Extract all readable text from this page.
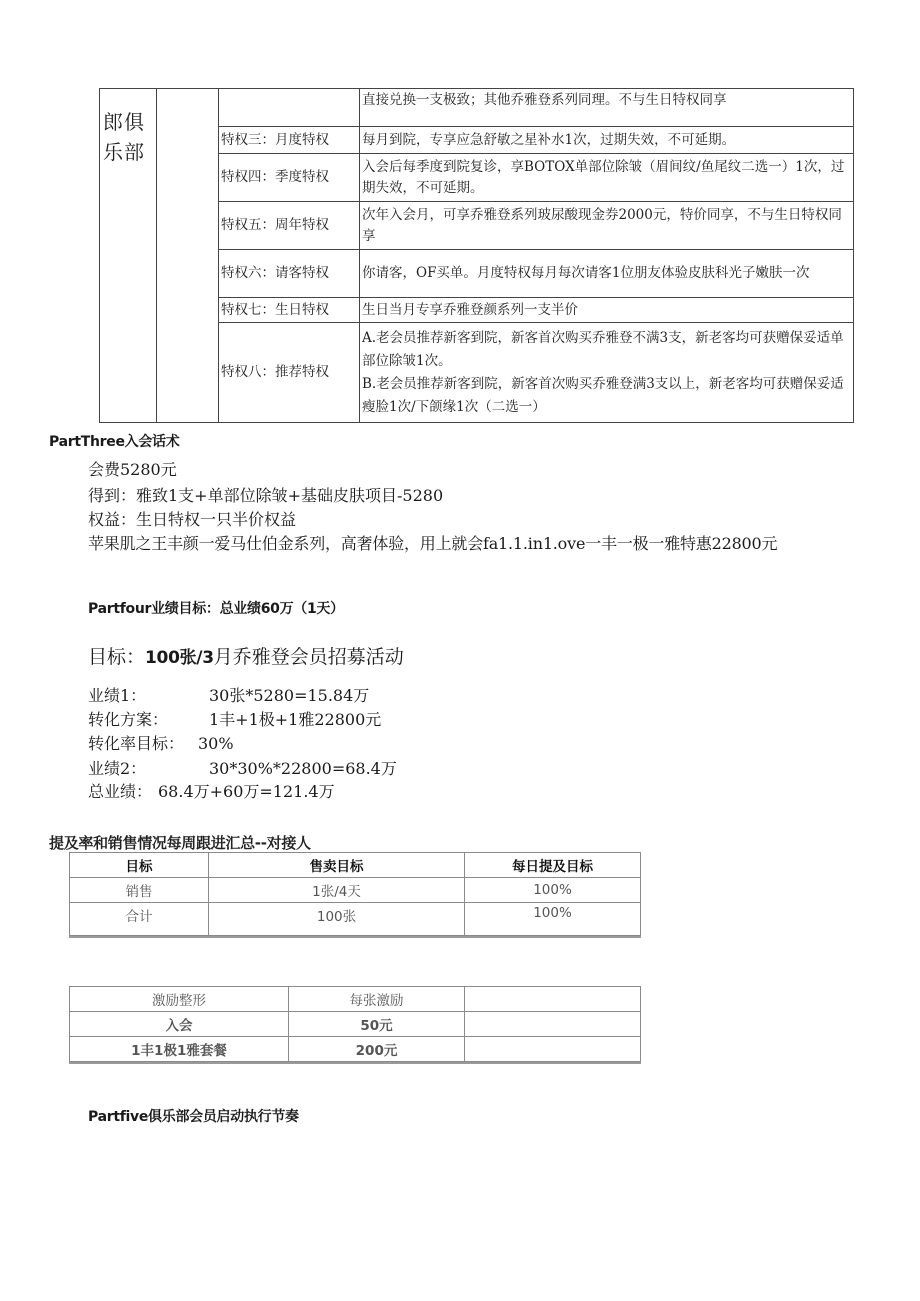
郎俱
乐部			直接兑换一支极致；其他乔雅登系列同理。不与生日特权同享
		特权三：月度特权	每月到院，专享应急舒敏之星补水1次，过期失效，不可延期。
		特权四：季度特权	入会后每季度到院复诊，享BOTOX单部位除皱（眉间纹/鱼尾纹二选一）1次，过期失效，不可延期。
		特权五：周年特权	次年入会月，可享乔雅登系列玻尿酸现金券2000元，特价同享，不与生日特权同享
		特权六：请客特权	你请客，OF买单。月度特权每月每次请客1位朋友体验皮肤科光子嫩肤一次
		特权七：生日特权	生日当月专享乔雅登颜系列一支半价
		特权八：推荐特权	A.老会员推荐新客到院，新客首次购买乔雅登不满3支，新老客均可获赠保妥适单部位除皱1次。
B.老会员推荐新客到院，新客首次购买乔雅登满3支以上，新老客均可获赠保妥适瘦脸1次/下颌缘1次（二选一）
PartThree入会话术
会费5280元
得到：雅致1支+单部位除皱+基础皮肤项目-5280
权益：生日特权一只半价权益
苹果肌之王丰颜一爱马仕伯金系列，高奢体验，用上就会fa1.1.in1.ove一丰一极一雅特惠22800元
Partfour业绩目标：总业绩60万（1天）
目标：100张/3月乔雅登会员招募活动
业绩1：	30张*5280=15.84万
转化方案：	1丰+1极+1雅22800元
转化率目标： 30%
业绩2：	30*30%*22800=68.4万
总业绩： 68.4万+60万=121.4万
提及率和销售情况每周跟进汇总--对接人
目标	售卖目标	每日提及目标
销售	1张/4天	100%
合计	100张	100%
激励整形	每张激励	
入会	50元	
1丰1极1雅套餐	200元	
Partfive俱乐部会员启动执行节奏
